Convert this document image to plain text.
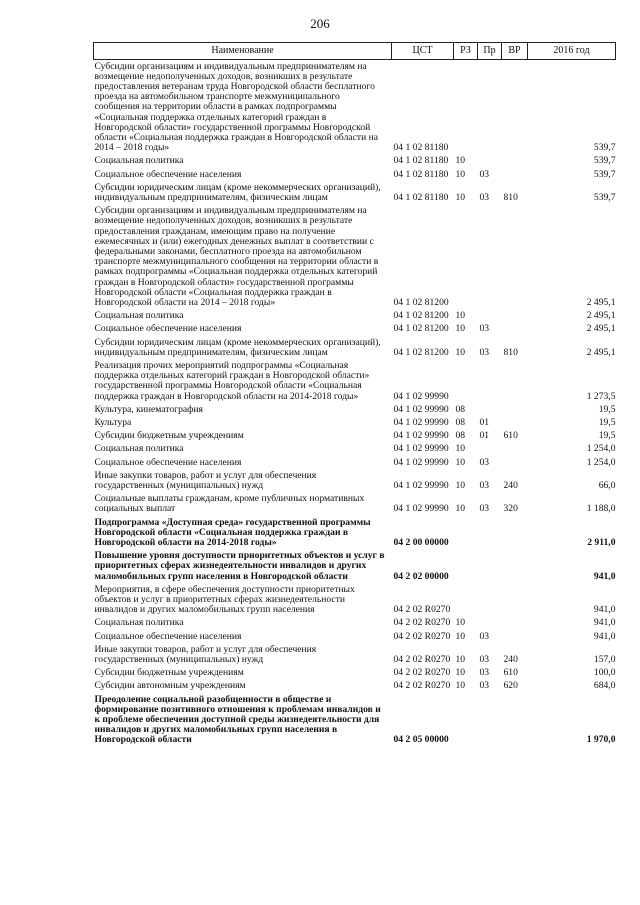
206
Наименование	ЦСТ	РЗ	Пр	ВР	2016 год
Субсидии организациям и индивидуальным предпринимателям на возмещение недополученных доходов, возникших в результате предоставления ветеранам труда Новгородской области бесплатного проезда на автомобильном транспорте межмуниципального сообщения на территории области в рамках подпрограммы «Социальная поддержка отдельных категорий граждан в Новгородской области» государственной программы Новгородской области «Социальная поддержка граждан в Новгородской области на 2014 – 2018 годы»	04 1 02 81180				539,7
Социальная политика	04 1 02 81180	10			539,7
Социальное обеспечение населения	04 1 02 81180	10	03		539,7
Субсидии юридическим лицам (кроме некоммерческих организаций), индивидуальным предпринимателям, физическим лицам	04 1 02 81180	10	03	810	539,7
Субсидии организациям и индивидуальным предпринимателям на возмещение недополученных доходов, возникших в результате предоставления гражданам, имеющим право на получение ежемесячных и (или) ежегодных денежных выплат в соответствии с федеральными законами, бесплатного проезда на автомобильном транспорте межмуниципального сообщения на территории области в рамках подпрограммы «Социальная поддержка отдельных категорий граждан в Новгородской области» государственной программы Новгородской области «Социальная поддержка граждан в Новгородской области на 2014 – 2018 годы»	04 1 02 81200				2 495,1
Социальная политика	04 1 02 81200	10			2 495,1
Социальное обеспечение населения	04 1 02 81200	10	03		2 495,1
Субсидии юридическим лицам (кроме некоммерческих организаций), индивидуальным предпринимателям, физическим лицам	04 1 02 81200	10	03	810	2 495,1
Реализация прочих мероприятий подпрограммы «Социальная поддержка отдельных категорий граждан в Новгородской области» государственной программы Новгородской области «Социальная поддержка граждан в Новгородской области на 2014-2018 годы»	04 1 02 99990				1 273,5
Культура, кинематография	04 1 02 99990	08			19,5
Культура	04 1 02 99990	08	01		19,5
Субсидии бюджетным учреждениям	04 1 02 99990	08	01	610	19,5
Социальная политика	04 1 02 99990	10			1 254,0
Социальное обеспечение населения	04 1 02 99990	10	03		1 254,0
Иные закупки товаров, работ и услуг для обеспечения государственных (муниципальных) нужд	04 1 02 99990	10	03	240	66,0
Социальные выплаты гражданам, кроме публичных нормативных социальных выплат	04 1 02 99990	10	03	320	1 188,0
Подпрограмма «Доступная среда» государственной программы Новгородской области «Социальная поддержка граждан в Новгородской области на 2014-2018 годы»	04 2 00 00000				2 911,0
Повышение уровня доступности приоритетных объектов и услуг в приоритетных сферах жизнедеятельности инвалидов и других маломобильных групп населения в Новгородской области	04 2 02 00000				941,0
Мероприятия, в сфере обеспечения доступности приоритетных объектов и услуг в приоритетных сферах жизнедеятельности инвалидов и других маломобильных групп населения	04 2 02 R0270				941,0
Социальная политика	04 2 02 R0270	10			941,0
Социальное обеспечение населения	04 2 02 R0270	10	03		941,0
Иные закупки товаров, работ и услуг для обеспечения государственных (муниципальных) нужд	04 2 02 R0270	10	03	240	157,0
Субсидии бюджетным учреждениям	04 2 02 R0270	10	03	610	100,0
Субсидии автономным учреждениям	04 2 02 R0270	10	03	620	684,0
Преодоление социальной разобщенности в обществе и формирование позитивного отношения к проблемам инвалидов и к проблеме обеспечения доступной среды жизнедеятельности для инвалидов и других маломобильных групп населения в Новгородской области	04 2 05 00000				1 970,0
